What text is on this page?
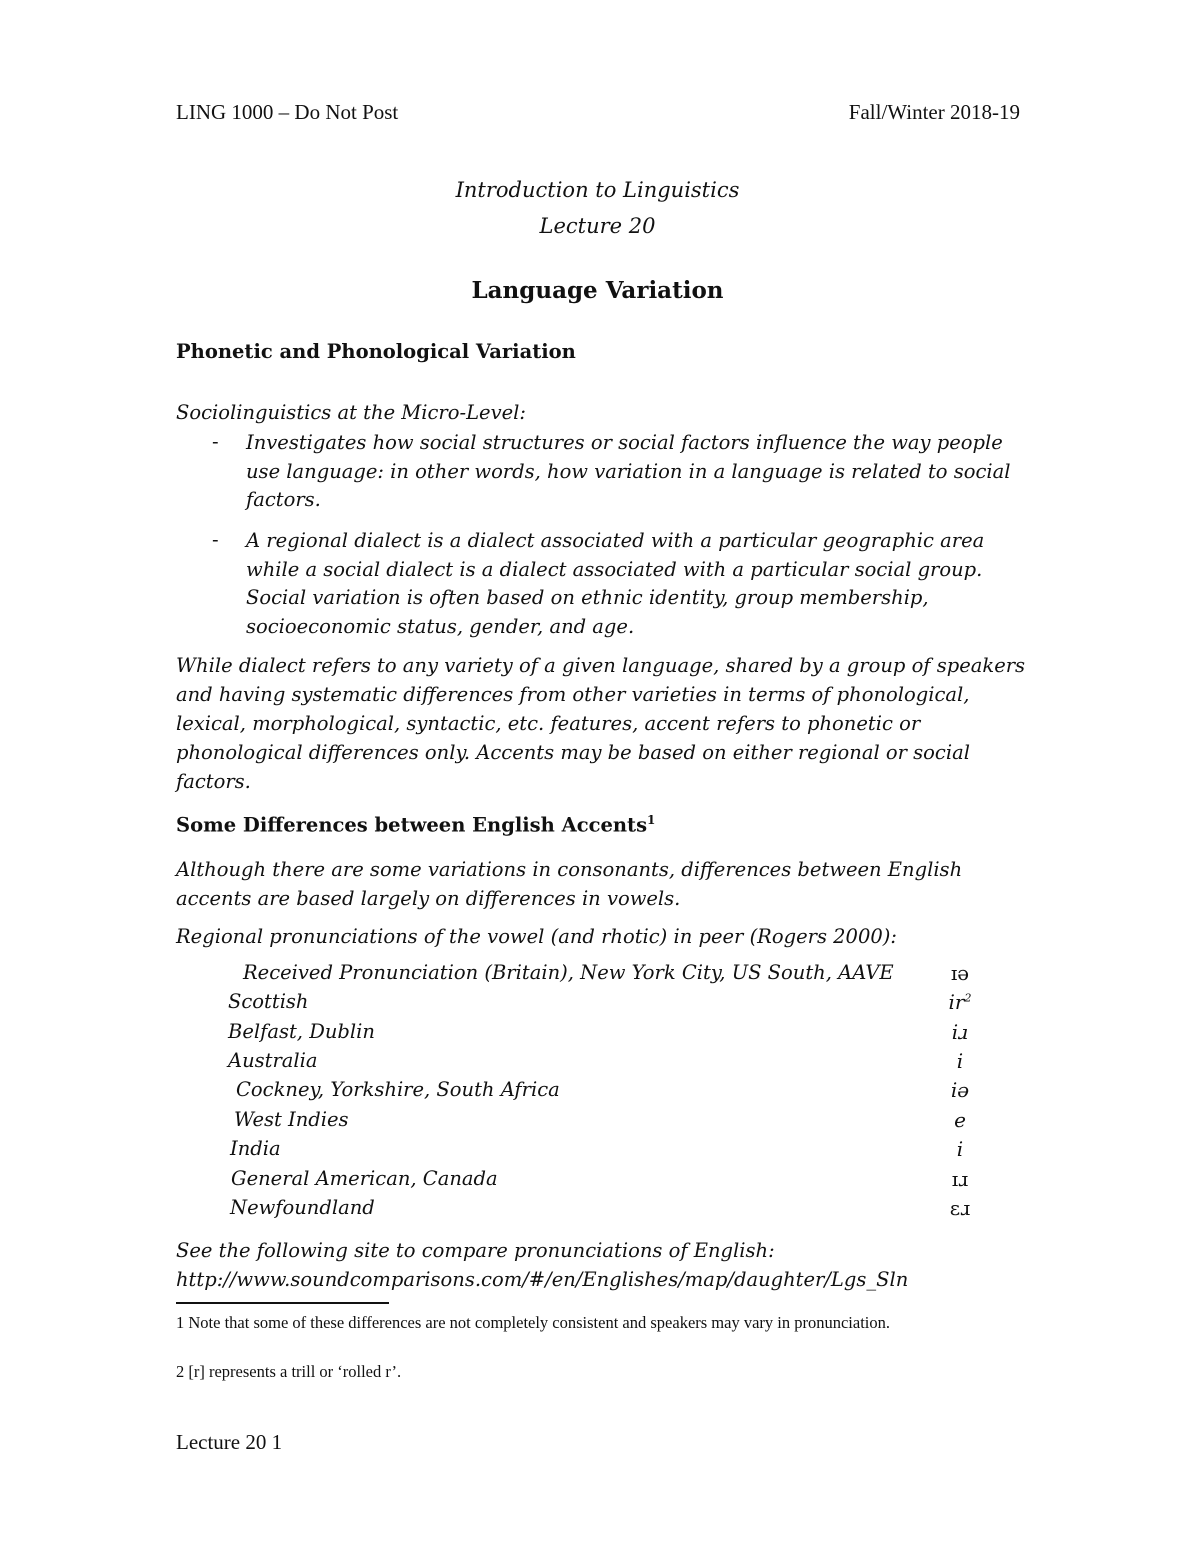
LING 1000 – Do Not Post	Fall/Winter 2018-19
Introduction to Linguistics
Lecture 20
Language Variation
Phonetic and Phonological Variation
Sociolinguistics at the Micro-Level:
- Investigates how social structures or social factors influence the way people use language: in other words, how variation in a language is related to social factors.

- A regional dialect is a dialect associated with a particular geographic area while a social dialect is a dialect associated with a particular social group. Social variation is often based on ethnic identity, group membership, socioeconomic status, gender, and age.

While dialect refers to any variety of a given language, shared by a group of speakers and having systematic differences from other varieties in terms of phonological, lexical, morphological, syntactic, etc. features, accent refers to phonetic or phonological differences only. Accents may be based on either regional or social factors.

Some Differences between English Accents$^1$

Although there are some variations in consonants, differences between English accents are based largely on differences in vowels.

Regional pronunciations of the vowel (and rhotic) in peer (Rogers 2000):

Received Pronunciation (Britain), New York City, US South, AAVE	ɪə
Scottish	$ir^2$
Belfast, Dublin	iɹ
Australia	i
Cockney, Yorkshire, South Africa	iə
West Indies	e
India	i
General American, Canada	ɪɹ
Newfoundland	ɛɹ
See the following site to compare pronunciations of English:
http://www.soundcomparisons.com/#/en/Englishes/map/daughter/Lgs_Sln

1 Note that some of these differences are not completely consistent and speakers may vary in pronunciation.

2 [r] represents a trill or ‘rolled r’.

Lecture 20 1
